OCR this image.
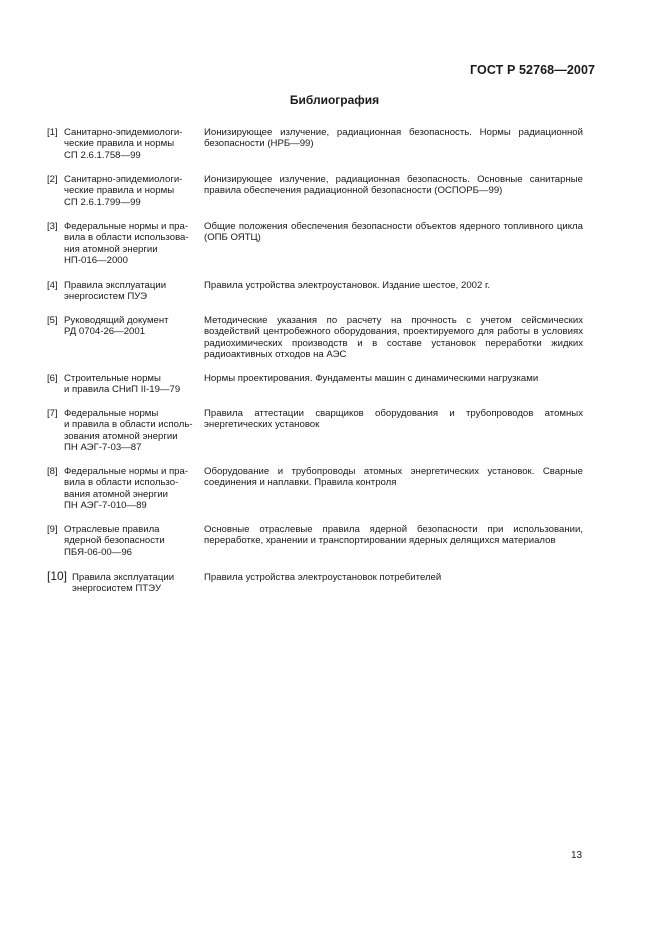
ГОСТ Р 52768—2007
Библиография
[1] Санитарно-эпидемиологи-
ческие правила и нормы
СП 2.6.1.758—99
Ионизирующее излучение, радиационная безопасность. Нормы радиационной безопасности (НРБ—99)
[2] Санитарно-эпидемиологи-
ческие правила и нормы
СП 2.6.1.799—99
Ионизирующее излучение, радиационная безопасность. Основные санитарные правила обеспечения радиационной безопасности (ОСПОРБ—99)
[3] Федеральные нормы и пра-
вила в области использова-
ния атомной энергии
НП-016—2000
Общие положения обеспечения безопасности объектов ядерного топливного цикла (ОПБ ОЯТЦ)
[4] Правила эксплуатации
энергосистем ПУЭ
Правила устройства электроустановок. Издание шестое, 2002 г.
[5] Руководящий документ
РД 0704-26—2001
Методические указания по расчету на прочность с учетом сейсмических воздействий центробежного оборудования, проектируемого для работы в условиях радиохимических производств и в составе установок переработки жидких радиоактивных отходов на АЭС
[6] Строительные нормы
и правила СНиП II-19—79
Нормы проектирования. Фундаменты машин с динамическими нагрузками
[7] Федеральные нормы
и правила в области исполь-
зования атомной энергии
ПН АЭГ-7-03—87
Правила аттестации сварщиков оборудования и трубопроводов атомных энергетических установок
[8] Федеральные нормы и пра-
вила в области использо-
вания атомной энергии
ПН АЭГ-7-010—89
Оборудование и трубопроводы атомных энергетических установок. Сварные соединения и наплавки. Правила контроля
[9] Отраслевые правила
ядерной безопасности
ПБЯ-06-00—96
Основные отраслевые правила ядерной безопасности при использовании, переработке, хранении и транспортировании ядерных делящихся материалов
[10] Правила эксплуатации
энергосистем ПТЭУ
Правила устройства электроустановок потребителей
13
